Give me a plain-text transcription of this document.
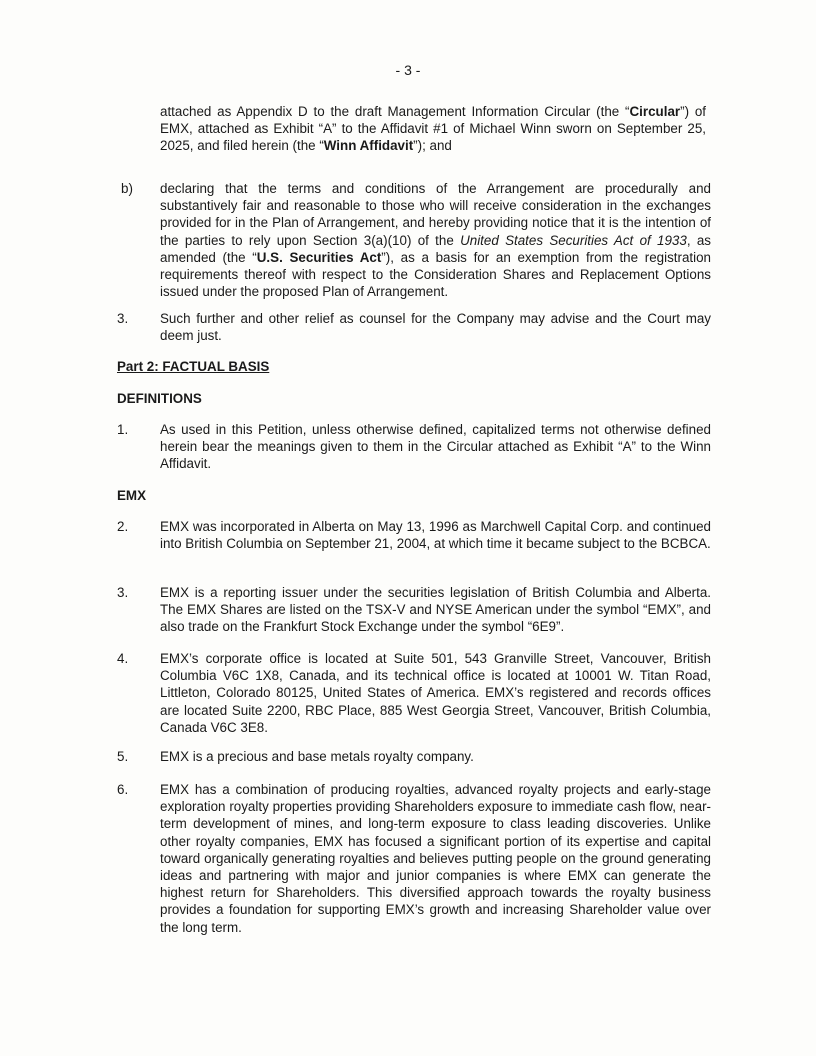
- 3 -
attached as Appendix D to the draft Management Information Circular (the “Circular”) of EMX, attached as Exhibit “A” to the Affidavit #1 of Michael Winn sworn on September 25, 2025, and filed herein (the “Winn Affidavit”); and
b) declaring that the terms and conditions of the Arrangement are procedurally and substantively fair and reasonable to those who will receive consideration in the exchanges provided for in the Plan of Arrangement, and hereby providing notice that it is the intention of the parties to rely upon Section 3(a)(10) of the United States Securities Act of 1933, as amended (the “U.S. Securities Act”), as a basis for an exemption from the registration requirements thereof with respect to the Consideration Shares and Replacement Options issued under the proposed Plan of Arrangement.
3. Such further and other relief as counsel for the Company may advise and the Court may deem just.
Part 2: FACTUAL BASIS
DEFINITIONS
1. As used in this Petition, unless otherwise defined, capitalized terms not otherwise defined herein bear the meanings given to them in the Circular attached as Exhibit “A” to the Winn Affidavit.
EMX
2. EMX was incorporated in Alberta on May 13, 1996 as Marchwell Capital Corp. and continued into British Columbia on September 21, 2004, at which time it became subject to the BCBCA.
3. EMX is a reporting issuer under the securities legislation of British Columbia and Alberta. The EMX Shares are listed on the TSX-V and NYSE American under the symbol “EMX”, and also trade on the Frankfurt Stock Exchange under the symbol “6E9”.
4. EMX’s corporate office is located at Suite 501, 543 Granville Street, Vancouver, British Columbia V6C 1X8, Canada, and its technical office is located at 10001 W. Titan Road, Littleton, Colorado 80125, United States of America. EMX’s registered and records offices are located Suite 2200, RBC Place, 885 West Georgia Street, Vancouver, British Columbia, Canada V6C 3E8.
5. EMX is a precious and base metals royalty company.
6. EMX has a combination of producing royalties, advanced royalty projects and early-stage exploration royalty properties providing Shareholders exposure to immediate cash flow, near-term development of mines, and long-term exposure to class leading discoveries. Unlike other royalty companies, EMX has focused a significant portion of its expertise and capital toward organically generating royalties and believes putting people on the ground generating ideas and partnering with major and junior companies is where EMX can generate the highest return for Shareholders. This diversified approach towards the royalty business provides a foundation for supporting EMX’s growth and increasing Shareholder value over the long term.
